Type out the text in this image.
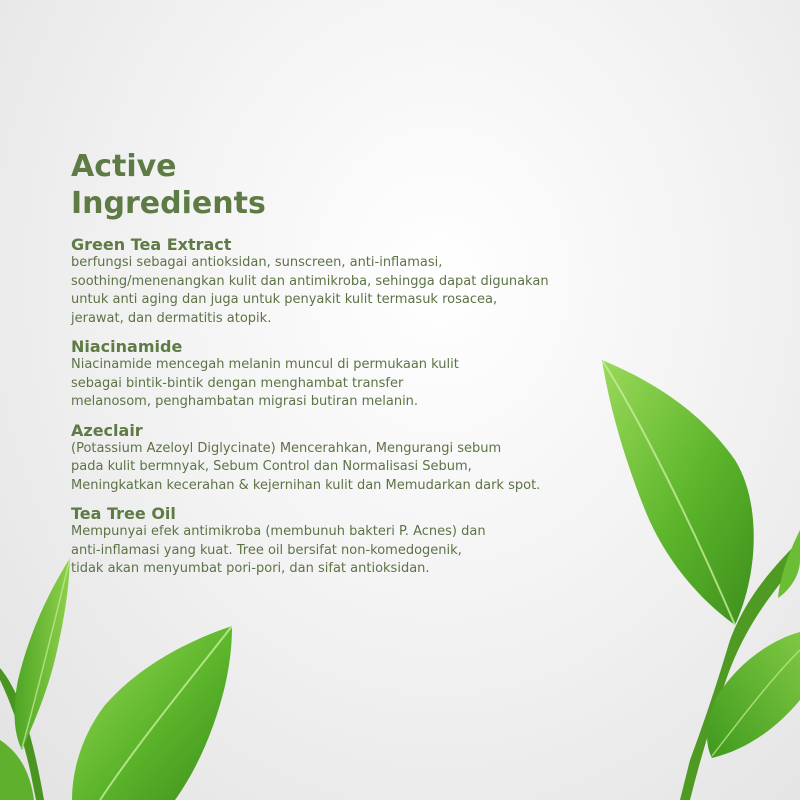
Active
Ingredients

Green Tea Extract

berfungsi sebagai antioksidan, sunscreen, anti-inflamasi,
soothing/menenangkan kulit dan antimikroba, sehingga dapat digunakan
untuk anti aging dan juga untuk penyakit kulit termasuk rosacea,
jerawat, dan dermatitis atopik.

Niacinamide

Niacinamide mencegah melanin muncul di permukaan kulit
sebagai bintik-bintik dengan menghambat transfer
melanosom, penghambatan migrasi butiran melanin.

Azeclair

(Potassium Azeloyl Diglycinate) Mencerahkan, Mengurangi sebum
pada kulit bermnyak, Sebum Control dan Normalisasi Sebum,
Meningkatkan kecerahan & kejernihan kulit dan Memudarkan dark spot.

Tea Tree Oil

Mempunyai efek antimikroba (membunuh bakteri P. Acnes) dan
anti-inflamasi yang kuat. Tree oil bersifat non-komedogenik,
tidak akan menyumbat pori-pori, dan sifat antioksidan.
